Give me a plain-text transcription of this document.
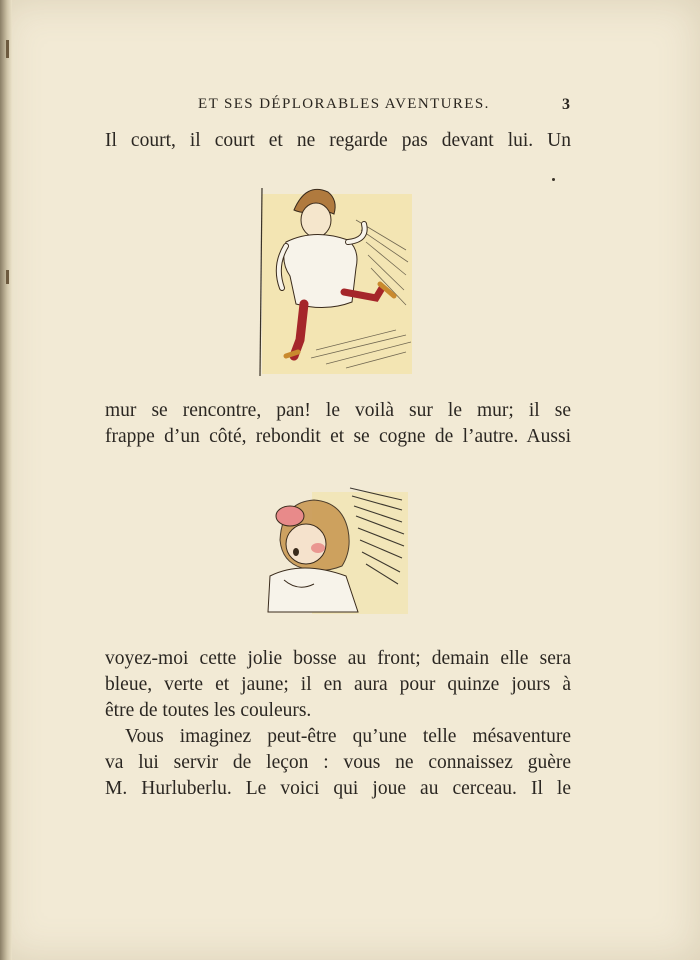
ET SES DÉPLORABLES AVENTURES.	3
Il court, il court et ne regarde pas devant lui. Un
mur se rencontre, pan! le voilà sur le mur; il se
frappe d’un côté, rebondit et se cogne de l’autre. Aussi
voyez-moi cette jolie bosse au front; demain elle sera
bleue, verte et jaune; il en aura pour quinze jours à
être de toutes les couleurs.
Vous imaginez peut-être qu’une telle mésaventure
va lui servir de leçon : vous ne connaissez guère
M. Hurluberlu. Le voici qui joue au cerceau. Il le
